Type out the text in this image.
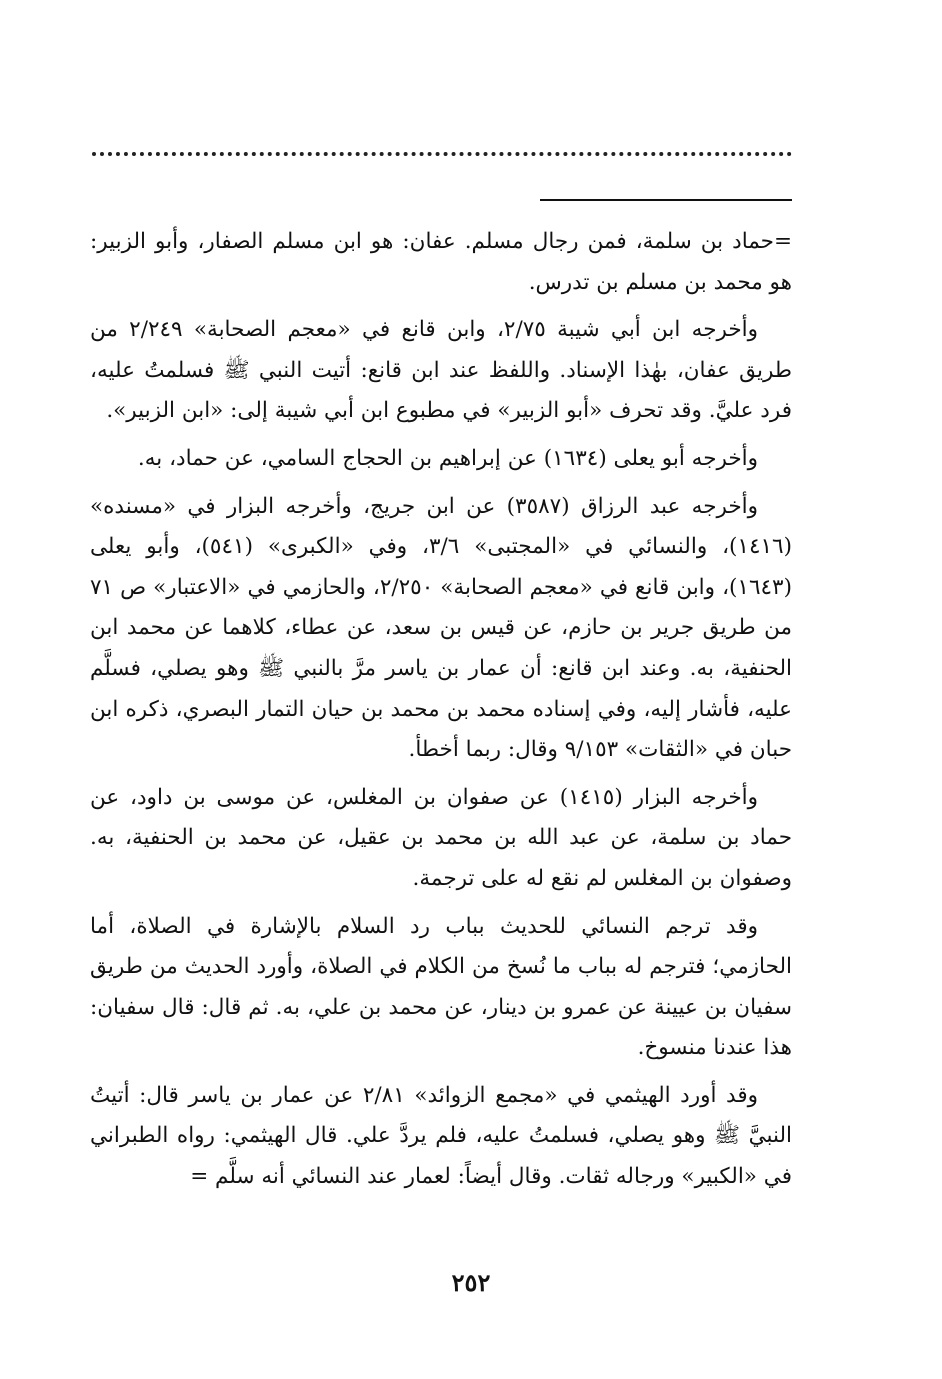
=حماد بن سلمة، فمن رجال مسلم. عفان: هو ابن مسلم الصفار، وأبو الزبير: هو محمد بن مسلم بن تدرس.

وأخرجه ابن أبي شيبة ٢/٧٥، وابن قانع في «معجم الصحابة» ٢/٢٤٩ من طريق عفان، بهٰذا الإسناد. واللفظ عند ابن قانع: أتيت النبي ﷺ فسلمتُ عليه، فرد عليَّ. وقد تحرف «أبو الزبير» في مطبوع ابن أبي شيبة إلى: «ابن الزبير».

وأخرجه أبو يعلى (١٦٣٤) عن إبراهيم بن الحجاج السامي، عن حماد، به.

وأخرجه عبد الرزاق (٣٥٨٧) عن ابن جريج، وأخرجه البزار في «مسنده» (١٤١٦)، والنسائي في «المجتبى» ٣/٦، وفي «الكبرى» (٥٤١)، وأبو يعلى (١٦٤٣)، وابن قانع في «معجم الصحابة» ٢/٢٥٠، والحازمي في «الاعتبار» ص ٧١ من طريق جرير بن حازم، عن قيس بن سعد، عن عطاء، كلاهما عن محمد ابن الحنفية، به. وعند ابن قانع: أن عمار بن ياسر مرَّ بالنبي ﷺ وهو يصلي، فسلَّم عليه، فأشار إليه، وفي إسناده محمد بن محمد بن حيان التمار البصري، ذكره ابن حبان في «الثقات» ٩/١٥٣ وقال: ربما أخطأ.

وأخرجه البزار (١٤١٥) عن صفوان بن المغلس، عن موسى بن داود، عن حماد بن سلمة، عن عبد الله بن محمد بن عقيل، عن محمد بن الحنفية، به. وصفوان بن المغلس لم نقع له على ترجمة.

وقد ترجم النسائي للحديث بباب رد السلام بالإشارة في الصلاة، أما الحازمي؛ فترجم له بباب ما نُسخ من الكلام في الصلاة، وأورد الحديث من طريق سفيان بن عيينة عن عمرو بن دينار، عن محمد بن علي، به. ثم قال: قال سفيان: هذا عندنا منسوخ.

وقد أورد الهيثمي في «مجمع الزوائد» ٢/٨١ عن عمار بن ياسر قال: أتيتُ النبيَّ ﷺ وهو يصلي، فسلمتُ عليه، فلم يردَّ علي. قال الهيثمي: رواه الطبراني في «الكبير» ورجاله ثقات. وقال أيضاً: لعمار عند النسائي أنه سلَّم =

٢٥٢
